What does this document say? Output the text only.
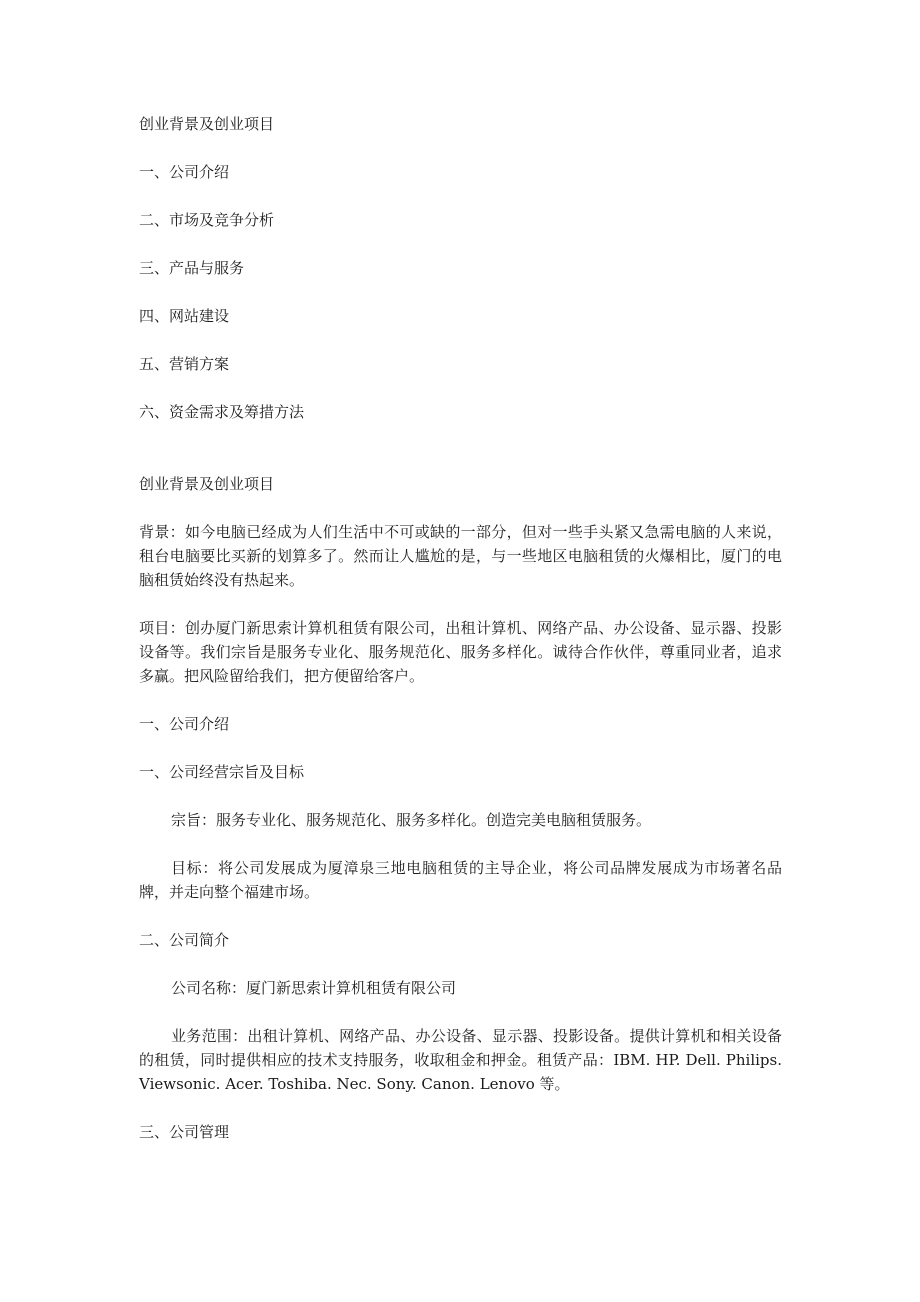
创业背景及创业项目
一、公司介绍
二、市场及竞争分析
三、产品与服务
四、网站建设
五、营销方案
六、资金需求及筹措方法
创业背景及创业项目
背景：如今电脑已经成为人们生活中不可或缺的一部分，但对一些手头紧又急需电脑的人来说，租台电脑要比买新的划算多了。然而让人尴尬的是，与一些地区电脑租赁的火爆相比，厦门的电脑租赁始终没有热起来。
项目：创办厦门新思索计算机租赁有限公司，出租计算机、网络产品、办公设备、显示器、投影设备等。我们宗旨是服务专业化、服务规范化、服务多样化。诚待合作伙伴，尊重同业者，追求多赢。把风险留给我们，把方便留给客户。
一、公司介绍
一、公司经营宗旨及目标
宗旨：服务专业化、服务规范化、服务多样化。创造完美电脑租赁服务。
目标：将公司发展成为厦漳泉三地电脑租赁的主导企业，将公司品牌发展成为市场著名品牌，并走向整个福建市场。
二、公司简介
公司名称：厦门新思索计算机租赁有限公司
业务范围：出租计算机、网络产品、办公设备、显示器、投影设备。提供计算机和相关设备的租赁，同时提供相应的技术支持服务，收取租金和押金。租赁产品：IBM. HP. Dell. Philips. Viewsonic. Acer. Toshiba. Nec. Sony. Canon. Lenovo 等。
三、公司管理
